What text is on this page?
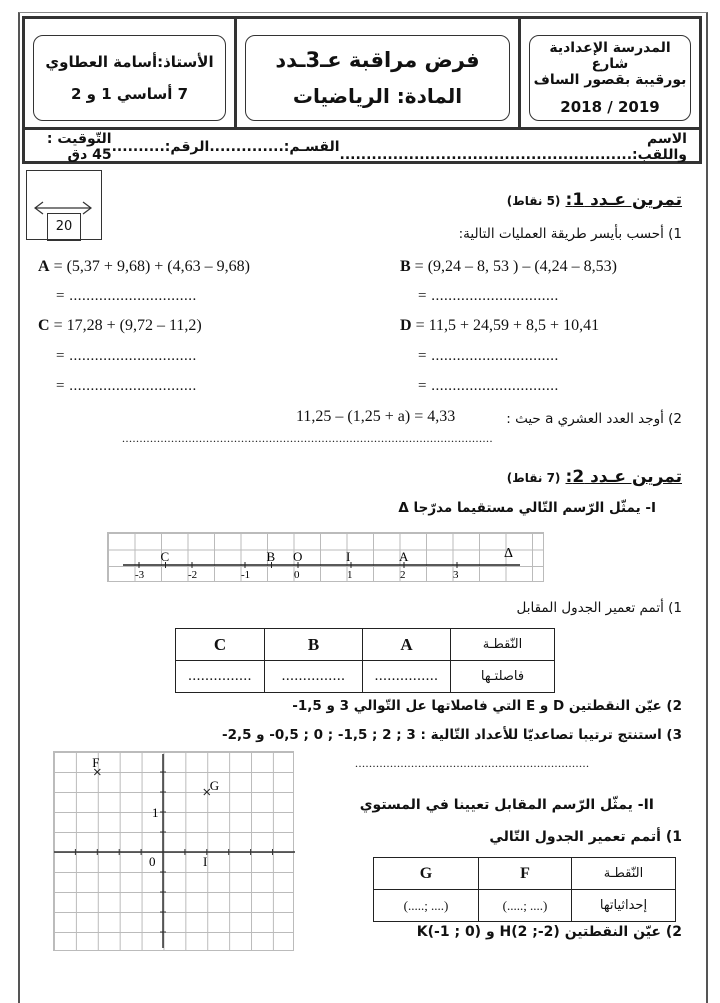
الأستاذ:أسامة العطاوي
7 أساسي 1 و 2
فرض مراقبة عـ3ـدد
المادة: الرياضيات
المدرسة الإعدادية شارع
بورقيبة بقصور الساف
2019 / 2018
الاسم واللقب:.......................................................
القسـم:..............
الرقم:..........
التّوقيت : 45 دق
20
تمرين عـدد 1: (5 نقاط)
1) أحسب بأيسر طريقة العمليات التالية:
A = (5,37 + 9,68) + (4,63 – 9,68)	B = (9,24 – 8, 53 ) – (4,24 – 8,53)
= ..............................	= ..............................
C = 17,28 + (9,72 – 11,2)	D = 11,5 + 24,59 + 8,5 + 10,41
= ..............................	= ..............................
= ..............................	= ..............................
2) أوجد العدد العشري a حيث :
11,25 – (1,25 + a) = 4,33
..........................................................................................................
تمرين عـدد 2: (7 نقاط)
I- يمثّل الرّسم التّالي مستقيما مدرّجا Δ
Δ
-3	-2	-1	0	1	2	3
C	B O	I	A
1) أتمم تعمير الجدول المقابل
C	B	A	النّقطـة
...............	...............	...............	فاصلتـها
2) عيّن النقطتين D و E التي فاصلاتها عل التّوالي 3 و 1,5-
3) استنتج ترتيبا تصاعديّا للأعداد التّالية : 3 ; 2 ; 1,5- ; 0 ; 0,5- و 2,5-
...................................................................
0	I
1
F
G
II- يمثّل الرّسم المقابل تعيينا في المستوي
1) أتمم تعمير الجدول التّالي
G	F	النّقطـة
(.....; ....)	(.....; ....)	إحداثياتها
2) عيّن النقطتين H(2 ;-2) و K(-1 ; 0)
